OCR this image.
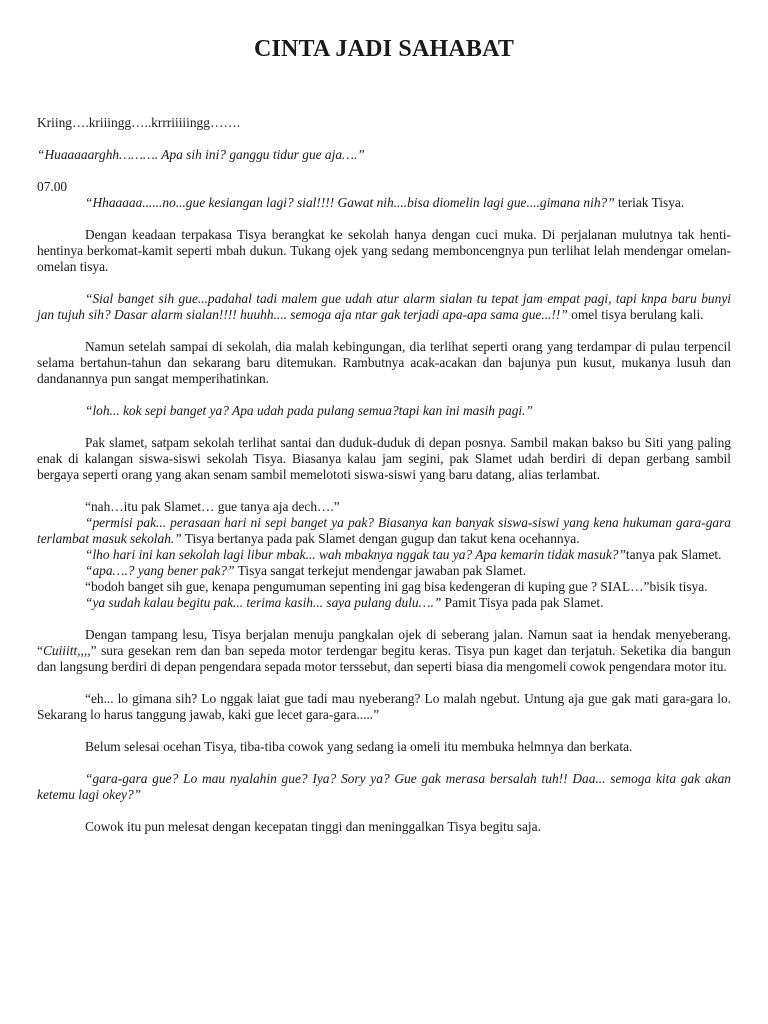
CINTA JADI SAHABAT

Kriing….kriiingg…..krrriiiiingg…….

“Huaaaaarghh………. Apa sih ini? ganggu tidur gue aja….”

07.00

“Hhaaaaa......no...gue kesiangan lagi? sial!!!! Gawat nih....bisa diomelin lagi gue....gimana nih?” teriak Tisya.

Dengan keadaan terpakasa Tisya berangkat ke sekolah hanya dengan cuci muka. Di perjalanan mulutnya tak henti-hentinya berkomat-kamit seperti mbah dukun. Tukang ojek yang sedang memboncengnya pun terlihat lelah mendengar omelan-omelan tisya.

“Sial banget sih gue...padahal tadi malem gue udah atur alarm sialan tu tepat jam empat pagi, tapi knpa baru bunyi jan tujuh sih? Dasar alarm sialan!!!! huuhh.... semoga aja ntar gak terjadi apa-apa sama gue...!!” omel tisya berulang kali.

Namun setelah sampai di sekolah, dia malah kebingungan, dia terlihat seperti orang yang terdampar di pulau terpencil selama bertahun-tahun dan sekarang baru ditemukan. Rambutnya acak-acakan dan bajunya pun kusut, mukanya lusuh dan dandanannya pun sangat memperihatinkan.

“loh... kok sepi banget ya? Apa udah pada pulang semua?tapi kan ini masih pagi.”

Pak slamet, satpam sekolah terlihat santai dan duduk-duduk di depan posnya. Sambil makan bakso bu Siti yang paling enak di kalangan siswa-siswi sekolah Tisya. Biasanya kalau jam segini, pak Slamet udah berdiri di depan gerbang sambil bergaya seperti orang yang akan senam sambil memelototi siswa-siswi yang baru datang, alias terlambat.

“nah…itu pak Slamet… gue tanya aja dech….”

“permisi pak... perasaan hari ni sepi banget ya pak? Biasanya kan banyak siswa-siswi yang kena hukuman gara-gara terlambat masuk sekolah.” Tisya bertanya pada pak Slamet dengan gugup dan takut kena ocehannya.

“lho hari ini kan sekolah lagi libur mbak... wah mbaknya nggak tau ya? Apa kemarin tidak masuk?”tanya pak Slamet.

“apa….? yang bener pak?” Tisya sangat terkejut mendengar jawaban pak Slamet.

“bodoh banget sih gue, kenapa pengumuman sepenting ini gag bisa kedengeran di kuping gue ? SIAL…”bisik tisya.

“ya sudah kalau begitu pak... terima kasih... saya pulang dulu….” Pamit Tisya pada pak Slamet.

Dengan tampang lesu, Tisya berjalan menuju pangkalan ojek di seberang jalan. Namun saat ia hendak menyeberang. “Cuiiitt,,,,” sura gesekan rem dan ban sepeda motor terdengar begitu keras. Tisya pun kaget dan terjatuh. Seketika dia bangun dan langsung berdiri di depan pengendara sepada motor terssebut, dan seperti biasa dia mengomeli cowok pengendara motor itu.

“eh... lo gimana sih? Lo nggak laiat gue tadi mau nyeberang? Lo malah ngebut. Untung aja gue gak mati gara-gara lo. Sekarang lo harus tanggung jawab, kaki gue lecet gara-gara.....”

Belum selesai ocehan Tisya, tiba-tiba cowok yang sedang ia omeli itu membuka helmnya dan berkata.

“gara-gara gue? Lo mau nyalahin gue? Iya? Sory ya? Gue gak merasa bersalah tuh!! Daa... semoga kita gak akan ketemu lagi okey?”

Cowok itu pun melesat dengan kecepatan tinggi dan meninggalkan Tisya begitu saja.
